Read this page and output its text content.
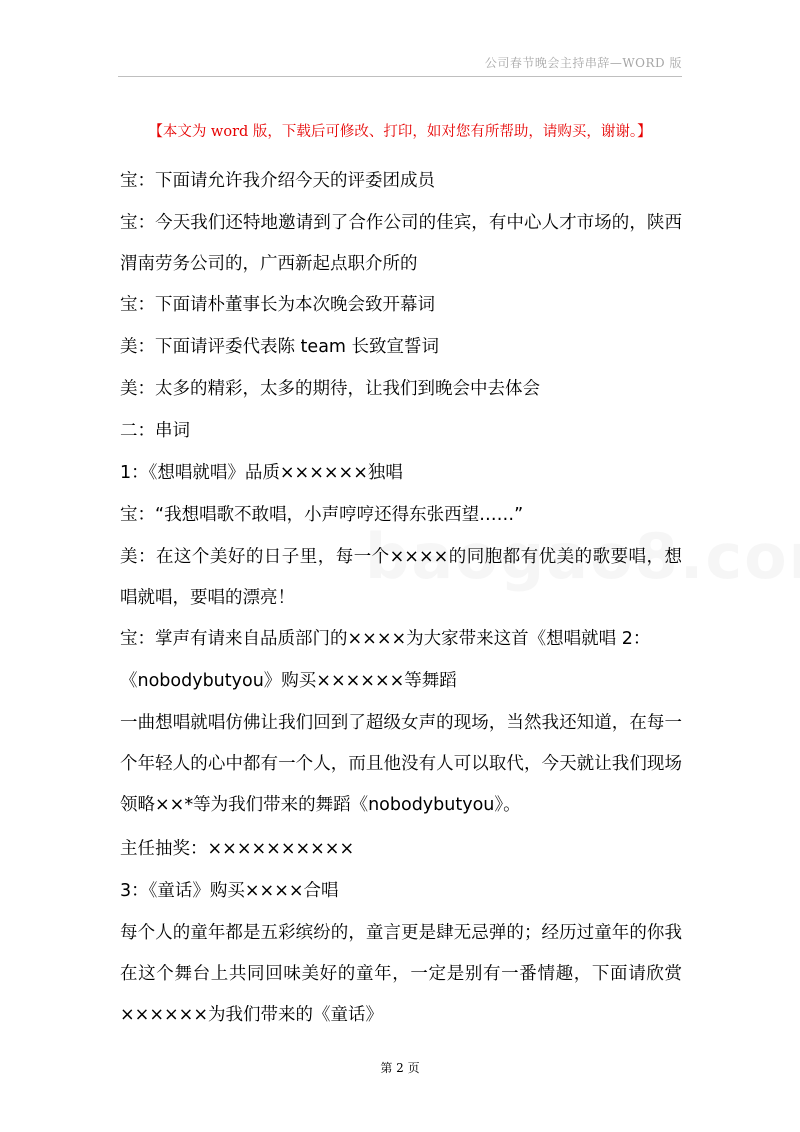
公司春节晚会主持串辞—WORD 版
【本文为 word 版，下载后可修改、打印，如对您有所帮助，请购买，谢谢。】

宝：下面请允许我介绍今天的评委团成员

宝：今天我们还特地邀请到了合作公司的佳宾，有中心人才市场的，陕西渭南劳务公司的，广西新起点职介所的

宝：下面请朴董事长为本次晚会致开幕词

美：下面请评委代表陈 team 长致宣誓词

美：太多的精彩，太多的期待，让我们到晚会中去体会

二：串词

1：《想唱就唱》品质××××××独唱

宝：“我想唱歌不敢唱，小声哼哼还得东张西望……”

美：在这个美好的日子里，每一个××××的同胞都有优美的歌要唱，想唱就唱，要唱的漂亮！

宝：掌声有请来自品质部门的××××为大家带来这首《想唱就唱 2：

《nobodybutyou》购买××××××等舞蹈

一曲想唱就唱仿佛让我们回到了超级女声的现场，当然我还知道，在每一个年轻人的心中都有一个人，而且他没有人可以取代，今天就让我们现场领略××*等为我们带来的舞蹈《nobodybutyou》。

主任抽奖：××××××××××

3：《童话》购买××××合唱

每个人的童年都是五彩缤纷的，童言更是肆无忌弹的；经历过童年的你我在这个舞台上共同回味美好的童年，一定是别有一番情趣，下面请欣赏××××××为我们带来的《童话》

第 2 页
